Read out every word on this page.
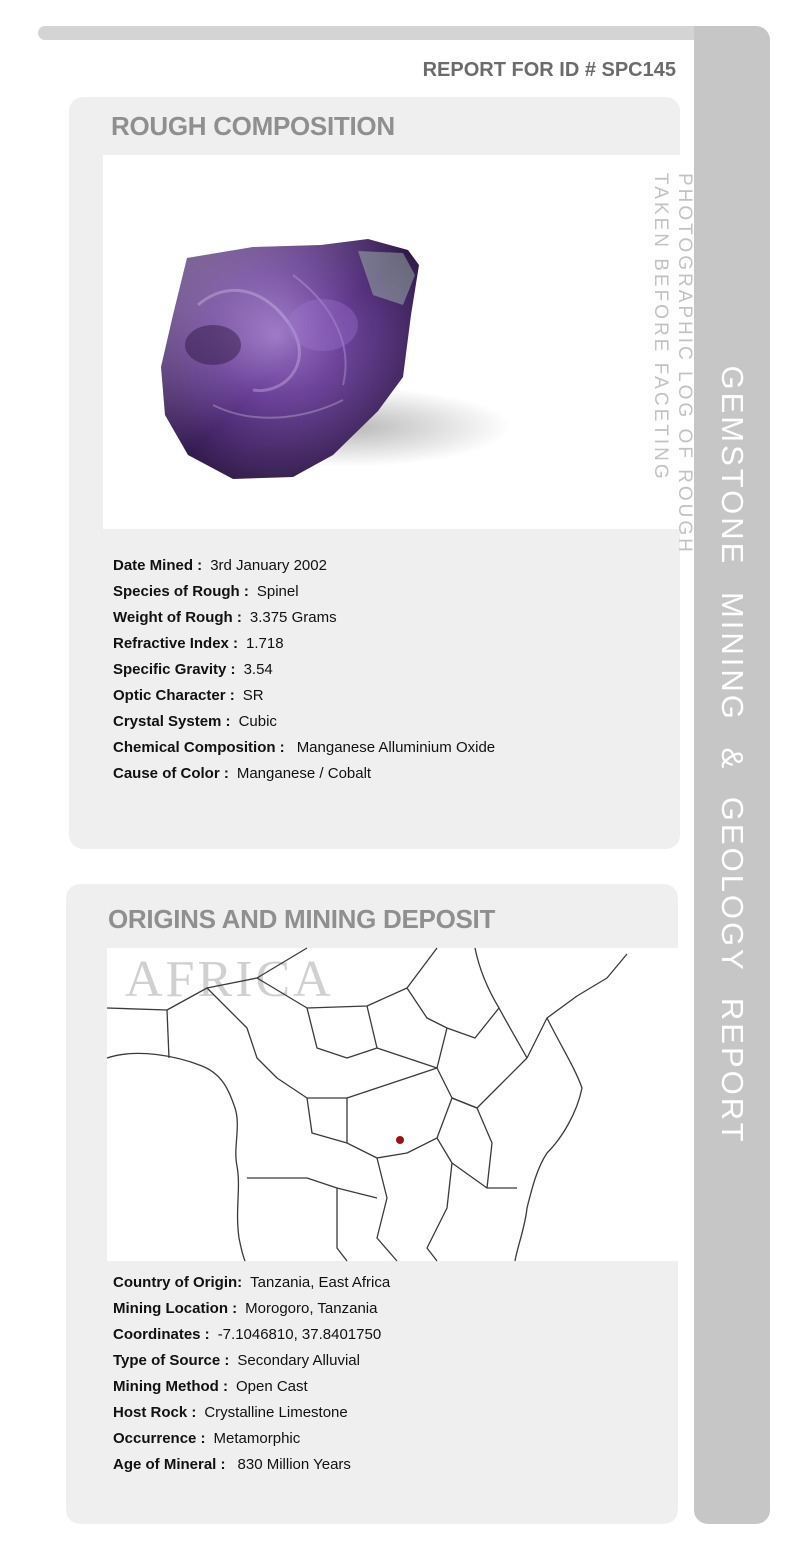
GEMSTONE MINING & GEOLOGY REPORT
REPORT FOR ID # SPC145
ROUGH COMPOSITION
PHOTOGRAPHIC LOG OF ROUGH
TAKEN BEFORE FACETING
Date Mined : 3rd January 2002
Species of Rough : Spinel
Weight of Rough : 3.375 Grams
Refractive Index : 1.718
Specific Gravity : 3.54
Optic Character : SR
Crystal System : Cubic
Chemical Composition : Manganese Alluminium Oxide
Cause of Color : Manganese / Cobalt
ORIGINS AND MINING DEPOSIT
AFRICA
Country of Origin: Tanzania, East Africa
Mining Location : Morogoro, Tanzania
Coordinates : -7.1046810, 37.8401750
Type of Source : Secondary Alluvial
Mining Method : Open Cast
Host Rock : Crystalline Limestone
Occurrence : Metamorphic
Age of Mineral : 830 Million Years
